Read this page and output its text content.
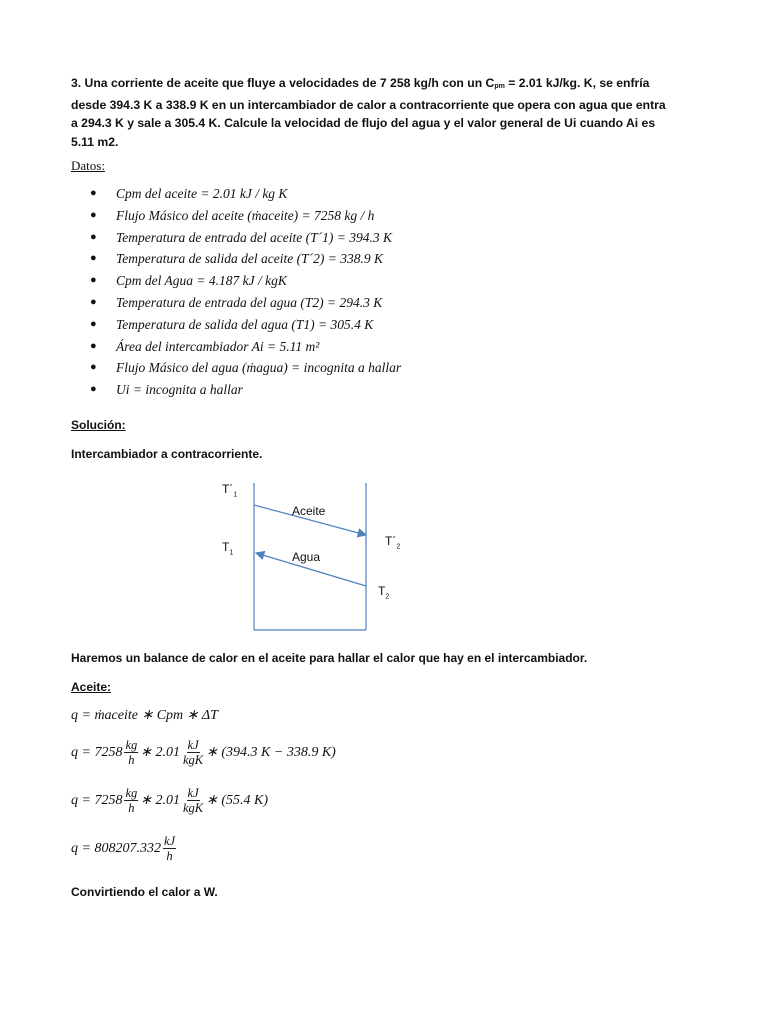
3. Una corriente de aceite que fluye a velocidades de 7 258 kg/h con un $C_{pm} = 2.01$ kJ/kg. K, se enfría desde 394.3 K a 338.9 K en un intercambiador de calor a contracorriente que opera con agua que entra a 294.3 K y sale a 305.4 K. Calcule la velocidad de flujo del agua y el valor general de Ui cuando Ai es 5.11 m2.

Datos:

● Cpm del aceite = 2.01 kJ / kg K
● Flujo Másico del aceite (ṁaceite) = 7258 kg / h
● Temperatura de entrada del aceite (T´1) = 394.3 K
● Temperatura de salida del aceite (T´2) = 338.9 K
● Cpm del Agua = 4.187 kJ / kgK
● Temperatura de entrada del agua (T2) = 294.3 K
● Temperatura de salida del agua (T1) = 305.4 K
● Área del intercambiador Ai = 5.11 m²
● Flujo Másico del agua (ṁagua) = incognita a hallar
● Ui = incognita a hallar

Solución:

Intercambiador a contracorriente.

$T´_1$
$T_1$
$T´_2$
$T_2$
Aceite
Agua

Haremos un balance de calor en el aceite para hallar el calor que hay en el intercambiador.

Aceite:

q = ṁaceite ∗ Cpm ∗ ΔT
$q = 7258 \frac{kg}{h}$ ∗ $2.01 \frac{kJ}{\text{kgK}}$ ∗ (394.3 K − 338.9 K)
$q = 7258 \frac{kg}{h}$ ∗ $2.01 \frac{kJ}{\text{kgK}}$ ∗ (55.4 K)
$q = 808207.332 \frac{kJ}{h}$

Convirtiendo el calor a W.
